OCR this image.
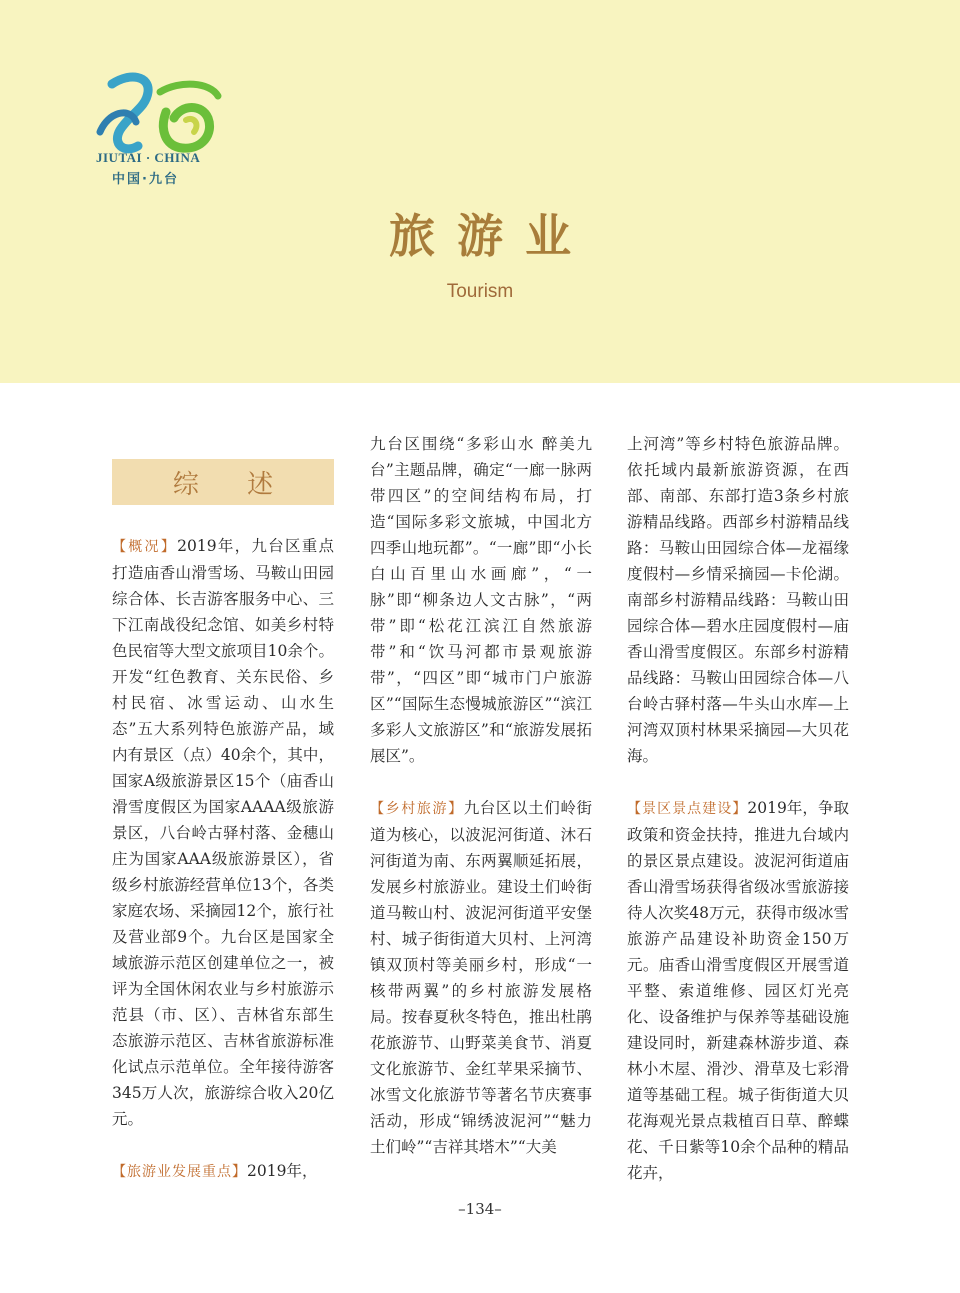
JIUTAI · CHINA
中国·九台
旅游业
Tourism
综 述

【概况】2019年，九台区重点打造庙香山滑雪场、马鞍山田园综合体、长吉游客服务中心、三下江南战役纪念馆、如美乡村特色民宿等大型文旅项目10余个。开发“红色教育、关东民俗、乡村民宿、冰雪运动、山水生态”五大系列特色旅游产品，域内有景区（点）40余个，其中，国家A级旅游景区15个（庙香山滑雪度假区为国家AAAA级旅游景区，八台岭古驿村落、金穗山庄为国家AAA级旅游景区），省级乡村旅游经营单位13个，各类家庭农场、采摘园12个，旅行社及营业部9个。九台区是国家全域旅游示范区创建单位之一，被评为全国休闲农业与乡村旅游示范县（市、区）、吉林省东部生态旅游示范区、吉林省旅游标准化试点示范单位。全年接待游客345万人次，旅游综合收入20亿元。

【旅游业发展重点】2019年，

九台区围绕“多彩山水 醉美九台”主题品牌，确定“一廊一脉两带四区”的空间结构布局，打造“国际多彩文旅城，中国北方四季山地玩都”。“一廊”即“小长白山百里山水画廊”，“一脉”即“柳条边人文古脉”，“两带”即“松花江滨江自然旅游带”和“饮马河都市景观旅游带”，“四区”即“城市门户旅游区”“国际生态慢城旅游区”“滨江多彩人文旅游区”和“旅游发展拓展区”。

【乡村旅游】九台区以土们岭街道为核心，以波泥河街道、沐石河街道为南、东两翼顺延拓展，发展乡村旅游业。建设土们岭街道马鞍山村、波泥河街道平安堡村、城子街街道大贝村、上河湾镇双顶村等美丽乡村，形成“一核带两翼”的乡村旅游发展格局。按春夏秋冬特色，推出杜鹃花旅游节、山野菜美食节、消夏文化旅游节、金红苹果采摘节、冰雪文化旅游节等著名节庆赛事活动，形成“锦绣波泥河”“魅力土们岭”“吉祥其塔木”“大美

上河湾”等乡村特色旅游品牌。依托域内最新旅游资源，在西部、南部、东部打造3条乡村旅游精品线路。西部乡村游精品线路：马鞍山田园综合体—龙福缘度假村—乡情采摘园—卡伦湖。南部乡村游精品线路：马鞍山田园综合体—碧水庄园度假村—庙香山滑雪度假区。东部乡村游精品线路：马鞍山田园综合体—八台岭古驿村落—牛头山水库—上河湾双顶村林果采摘园—大贝花海。

【景区景点建设】2019年，争取政策和资金扶持，推进九台域内的景区景点建设。波泥河街道庙香山滑雪场获得省级冰雪旅游接待人次奖48万元，获得市级冰雪旅游产品建设补助资金150万元。庙香山滑雪度假区开展雪道平整、索道维修、园区灯光亮化、设备维护与保养等基础设施建设同时，新建森林游步道、森林小木屋、滑沙、滑草及七彩滑道等基础工程。城子街街道大贝花海观光景点栽植百日草、醉蝶花、千日紫等10余个品种的精品花卉，

–134–
